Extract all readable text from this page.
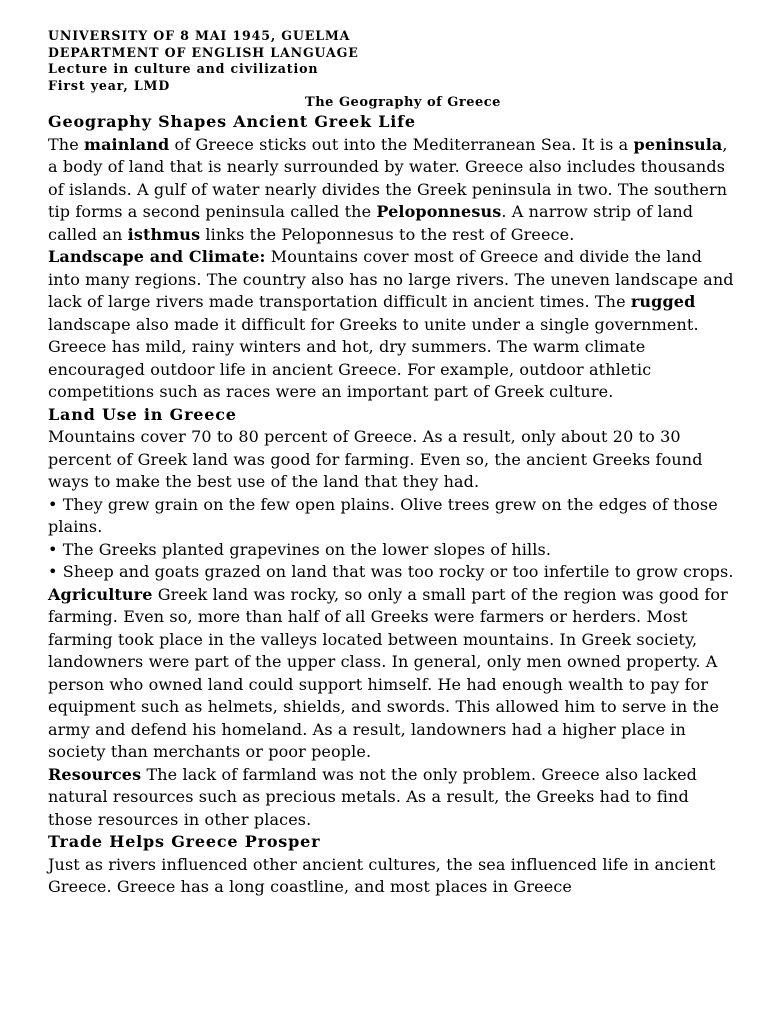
UNIVERSITY OF 8 MAI 1945, GUELMA
DEPARTMENT OF ENGLISH LANGUAGE
Lecture in culture and civilization
First year, LMD
The Geography of Greece
Geography Shapes Ancient Greek Life

The mainland of Greece sticks out into the Mediterranean Sea. It is a peninsula, a body of land that is nearly surrounded by water. Greece also includes thousands of islands. A gulf of water nearly divides the Greek peninsula in two. The southern tip forms a second peninsula called the Peloponnesus. A narrow strip of land called an isthmus links the Peloponnesus to the rest of Greece.

Landscape and Climate: Mountains cover most of Greece and divide the land into many regions. The country also has no large rivers. The uneven landscape and lack of large rivers made transportation difficult in ancient times. The rugged landscape also made it difficult for Greeks to unite under a single government.

Greece has mild, rainy winters and hot, dry summers. The warm climate encouraged outdoor life in ancient Greece. For example, outdoor athletic competitions such as races were an important part of Greek culture.

Land Use in Greece

Mountains cover 70 to 80 percent of Greece. As a result, only about 20 to 30 percent of Greek land was good for farming. Even so, the ancient Greeks found ways to make the best use of the land that they had.

• They grew grain on the few open plains. Olive trees grew on the edges of those plains.

• The Greeks planted grapevines on the lower slopes of hills.

• Sheep and goats grazed on land that was too rocky or too infertile to grow crops.

Agriculture Greek land was rocky, so only a small part of the region was good for farming. Even so, more than half of all Greeks were farmers or herders. Most farming took place in the valleys located between mountains. In Greek society, landowners were part of the upper class. In general, only men owned property. A person who owned land could support himself. He had enough wealth to pay for equipment such as helmets, shields, and swords. This allowed him to serve in the army and defend his homeland. As a result, landowners had a higher place in society than merchants or poor people.

Resources The lack of farmland was not the only problem. Greece also lacked natural resources such as precious metals. As a result, the Greeks had to find those resources in other places.

Trade Helps Greece Prosper

Just as rivers influenced other ancient cultures, the sea influenced life in ancient Greece. Greece has a long coastline, and most places in Greece
